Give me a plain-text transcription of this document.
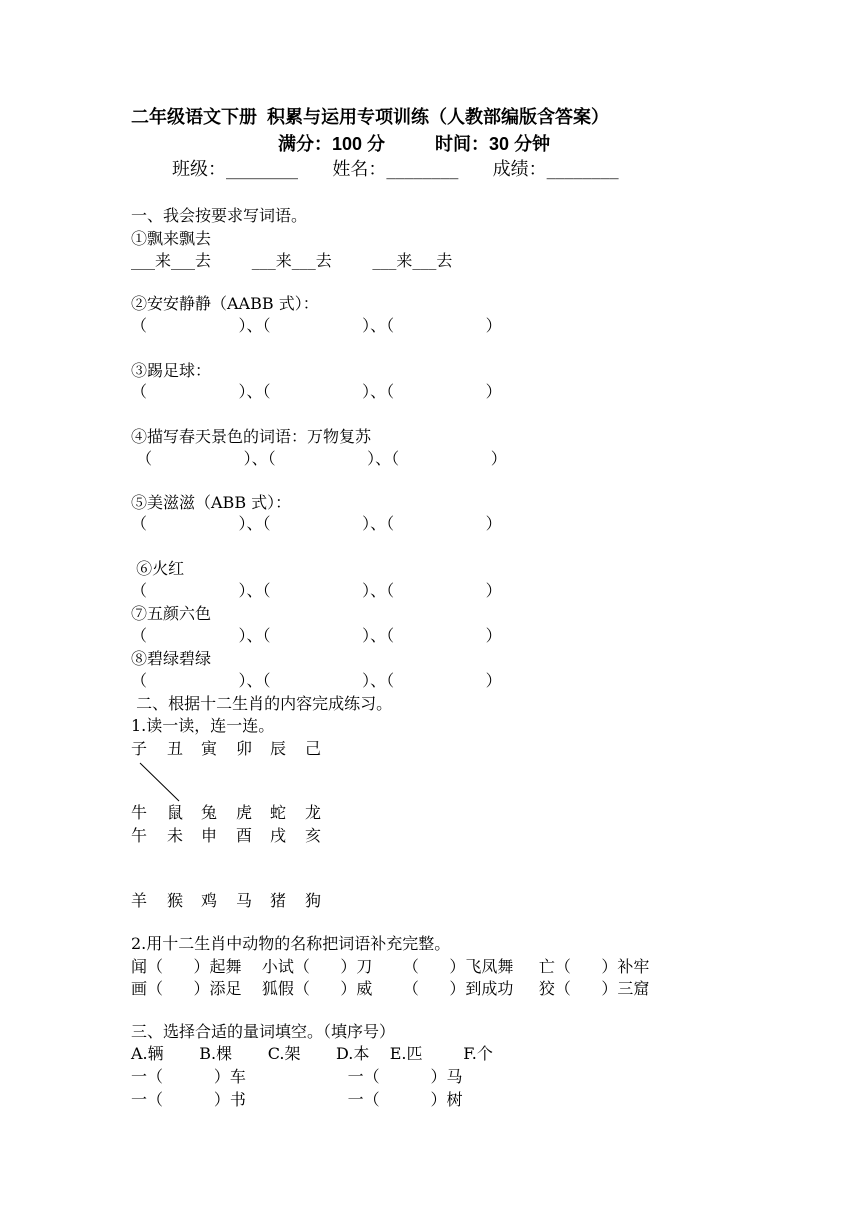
二年级语文下册  积累与运用专项训练（人教部编版含答案）
满分：100 分          时间：30 分钟
班级：________      姓名：________      成绩：________
一、我会按要求写词语。
①飘来飘去
___来___去        ___来___去        ___来___去
②安安静静（AABB 式）：
（                  ）、（                  ）、（                  ）
③踢足球：
（                  ）、（                  ）、（                  ）
④描写春天景色的词语：万物复苏
（                  ）、（                  ）、（                  ）
⑤美滋滋（ABB 式）：
（                  ）、（                  ）、（                  ）
⑥火红
（                  ）、（                  ）、（                  ）
⑦五颜六色
（                  ）、（                  ）、（                  ）
⑧碧绿碧绿
（                  ）、（                  ）、（                  ）
二、根据十二生肖的内容完成练习。
1.读一读，连一连。
子 丑 寅 卯 辰 己
牛 鼠 兔 虎 蛇 龙
午 未 申 酉 戌 亥
羊 猴 鸡 马 猪 狗
2.用十二生肖中动物的名称把词语补充完整。
闻（      ）起舞    小试（      ）刀      （      ）飞凤舞     亡（      ）补牢
画（      ）添足    狐假（      ）威      （      ）到成功     狡（      ）三窟
三、选择合适的量词填空。（填序号）
A.辆       B.棵       C.架       D.本    E.匹        F.个
一（          ）车                    一（          ）马
一（          ）书                    一（          ）树
